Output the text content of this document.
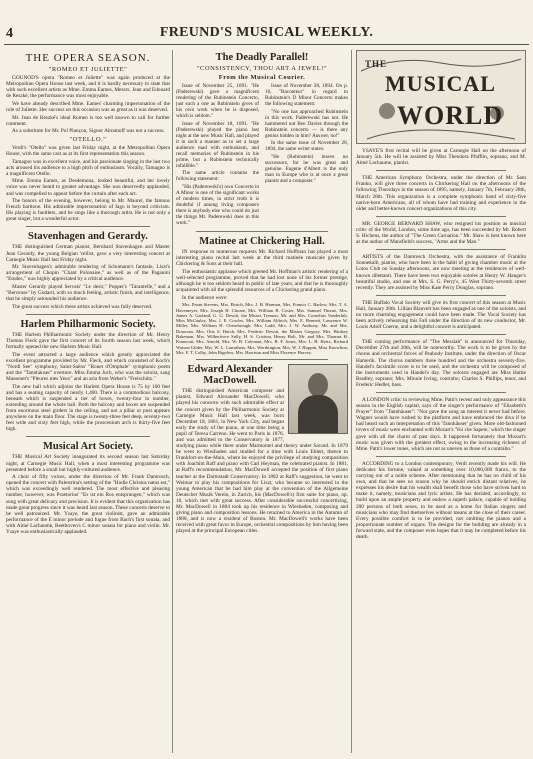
4	FREUND'S MUSICAL WEEKLY.
THE OPERA SEASON.
"ROMEO ET JULIETTE"

GOUNOD'S opera "Romeo et Juliette" was again produced at the Metropolitan Opera House last week, and it is hardly necessary to state that with such excellent artists as Mme. Emma Eames, Messrs. Jean and Edouard de Reszké, the performance was most enjoyable.

We have already described Mme. Eames' charming impersonation of the role of Juliette. Her success on this occasion was as great as it was deserved.

Mr. Jean de Reszké's ideal Romeo is too well known to call for further comment.

As a substitute for Mr. Pol Plançon, Signor Abramoff was not a success.

"OTELLO."

Verdi's "Otello" was given last Friday night, at the Metropolitan Opera House, with the same cast as at its first representation this season.

Tamagno was in excellent voice, and his passionate singing in the last two acts aroused his audience to a high pitch of enthusiasm. Vocally, Tamagno is a magnificent Otello.

Mme. Emma Eames, as Desdemona, looked beautiful, and her lovely voice was never heard to greater advantage. She was deservedly applauded, and was compelled to appear before the curtain after each act.

The honors of the evening, however, belong to Mr. Maurel, the famous French baritone. His admirable impersonation of Iago is beyond criticism. His playing is faultless, and he sings like a thorough artist. He is not only a great singer, but a wonderful actor.

Stavenhagen and Gerardy.

THE distinguished German pianist, Bernhard Stavenhagen and Master Jean Gerardy, the young Belgian 'cellist, gave a very interesting concert at Carnegie Music Hall last Friday night.

Mr. Stavenhagen's admirable rendering of Schumann's fantasie, Liszt's arrangement of Chopin "Chant Polonaise," as well as of the Paganini "Etudes," was highly appreciated by a critical audience.

Master Gerardy played Servais' "Le desir," Popper's "Tarantelle," and a "Berceuse" by Godard, with so much feeling, artistic finish, and intelligence, that he simply astounded his audience.

The great success which these artists achieved was fully deserved.

Harlem Philharmonic Society.

THE Harlem Philharmonic Society under the direction of Mr. Henry Thomas Fleck gave the first concert of its fourth season last week, which formally opened the new Harlem Music Hall.

The event attracted a large audience which greatly appreciated the excellent programme provided by Mr. Fleck, and which consisted of Koch's "Nordi See" symphony, Saint-Saëns' "Rouet d'Omphale" symphonic poem and the "Tannhäuser" overture. Miss Emma Juch, who was the soloist, sang Massenet's "Pleurez mes Yeux" and an aria from Weber's "Freischütz."

The new hall which adjoins the Harlem Opera House is 75 by 100 feet and has a seating capacity of nearly 1,400. There is a commodious balcony, beneath which is suspended a tier of boxes, twenty-four in number, extending around the whole hall. Both the balcony and boxes are suspended from enormous steel girders in the ceiling, and not a pillar or post appears anywhere on the main floor. The stage is twenty-three feet deep, seventy-two feet wide and sixty feet high, while the proscenium arch is thirty-five feet high.

Musical Art Society.

THE Musical Art Society inaugurated its second season last Saturday night, at Carnegie Music Hall, when a most interesting programme was presented before a small but highly-cultured audience.

A choir of fifty voices, under the direction of Mr. Frank Damrosch, opened the concert with Palestrina's setting of the "Hodie Christus natus est," which was exceedingly well rendered. The most effective and pleasing number, however, was Praetorius' "Es ist ein Ros entsprungen," which was sung with great delicacy and precision. It is evident that this organization has made great progress since it was heard last season. These concerts deserve to be well patronized. Mr. Ysaye, the great violinist, gave an admirable performance of the E minor prelude and fugue from Bach's first sonata, and with Aimé Lachaume, Beethoven's C minor sonata for piano and violin. Mr. Ysaye was enthusiastically applauded.

The Deadly Parallel!
"CONSISTENCY, THOU ART A JEWEL!"
From the Musical Courier.

Issue of November 25, 1891. "He (Paderewski) gave a magnificent rendering of the Rubinstein Concerto, just such a one as Rubinstein gives of his own work when he is disposed, which is seldom."

Issue of November 18, 1891. "He (Paderewski) played the piano last night at the new Music Hall, and played it in such a manner as to set a large audience mad with enthusiasm, and recall memories of Rubinstein in his prime, but a Rubinstein technically infallible."

The same article contains the following statement:

"His (Paderewski's) own Concerto in A Minor is one of the significant works of modern times, in strict truth it is doubtful if among living composers there is anybody else who could do just the things Mr. Paderewski does in this work."

Issue of November 28, 1894. On p. 10, "Raconteur" in regard to Rubinstein's D Minor Concerto makes the following statement:

"No one has approached Rubinstein in this work. Paderewski has not. He hammered out Ben Davies through the Rubinstein concerto — is there any genius hidden in him? Answer, no!"

In the same issue of November 28, 1894, the same writer states:

"He (Rubinstein) leaves no successors, for he was great and genuine. Eugene d'Albert is the only man in Europe who is at once a great pianist and a composer."

Matinee at Chickering Hall.

IN response to numerous requests Mr. Richard Hoffman has played a most interesting piano recital last week at the third matinée musicale given by Chickering & Sons at their hall.

The enthusiastic applause which greeted Mr. Hoffman's artistic rendering of a well-selected programme, proved that he had lost none of his former prestige, although he is too seldom heard in public of late years, and that he is thoroughly acquainted with all the splendid resources of a Chickering grand piano.

In the audience were:

Mrs. Paran Stevens, Mrs. Ehrich, Mrs. J. H. Harmon, Mrs. Francis C. Barlow, Mrs. T. A. Havemeyer, Mrs. Joseph H. Choate, Mrs. William B. Coster, Mrs. Samuel Thorne, Mrs. James A. Garland, G. G. Dewitt, the Misses Tremon, Mr. and Mrs. Cornelius Vanderbilt, Miss McCauley, Mrs. J. E. Cowles, Mrs. William Aldrich, Mrs. E. Bennett, Lawrence W. Miller, Mrs. William H. Chesebrough, Mrs. Ladd, Mrs. J. W. Anthony, Mr. and Mrs. Donovan, Mrs. Otis S. Hatch, Mrs. Frederic Dewitt, the Misses Gregory, Mrs. Birdsey Bakeman, Mrs. Wilberforce Sully, H. S. Cristion, Henry Holt, Mr. and Mrs. Thomas H. Kinnicutt, Mrs. Arnold, Mrs. W. B. Coleman, Mrs. B. F. Jones, Mrs. L. H. Hertz, Richard Watson Gilder, Mrs. W. L. Carruthers, Mrs. Worthington, Mrs. W. J. Hoppin, Miss Knowlton, Mrs. F. T. Colby, John Bigelow, Mrs. Harrison and Miss Florence Harvey.

Edward Alexander MacDowell.

THE distinguished American composer and pianist, Edward Alexander MacDowell, who played his concerto with such admirable effect at the concert given by the Philharmonic Society at Carnegie Music Hall last week, was born December 18, 1861, in New York City, and began early the study of the piano, at one time being a pupil of Teresa Carreno. He went to Paris in 1876, and was admitted to the Conservatory in 1877, studying piano while there under Marmontel and theory under Savard. In 1879 he went to Wiesbaden and studied for a time with Louis Ehlert, thence to Frankfort-on-the-Main, where he enjoyed the privilege of studying composition with Joachim Raff and piano with Carl Heyman, the celebrated pianist. In 1881, at Raff's recommendation, Mr. MacDowell accepted the position of first piano teacher at the Darmstadt Conservatory. In 1882 at Raff's suggestion, he went to Weimar to play his compositions for Liszt, who became so interested in the young American that he had him play at the convention of the Allgemeine Deutscher Musik Verein, in Zurich, his (MacDowell's) first suite for piano, op. 10, which met with great success. After considerable successful concertizing, Mr. MacDowell in 1884 took up his residence in Wiesbaden, composing and giving piano and composition lessons. He returned to America in the Autumn of 1888, and is now a resident of Boston. Mr. MacDowell's works have been received with great favor in Europe, orchestral compositions by him having been played at the principal European cities.

THE
MUSICAL
WORLD

YSAYE'S first recital will be given at Carnegie Hall on the afternoon of January 5th. He will be assisted by Miss Theodora Pfafflin, soprano, and M. Aimé Lachaume, pianist.

THE American Symphony Orchestra, under the direction of Mr. Sam Franko, will give three concerts in Chickering Hall on the afternoons of the following Thursdays in the season of 1895, namely, January 7th, February 28th, March 28th. This organization is a complete symphonic band of sixty-five native-born Americans, all of whom have had training and experience in the older and better-known concert organizations of this city.

MR. GEORGE BERNARD SHAW, who resigned his position as musical critic of the World, London, some time ago, has been succeeded by Mr. Robert S. Hichens, the author of "The Green Carnation." Mr. Shaw is best known here as the author of Mansfield's success, "Arms and the Man."

ARTISTS of the Damrosch Orchestra, with the assistance of Franklin Sonnekalb, pianist, who have been in the habit of giving chamber music at the Lotos Club on Sunday afternoons, are now meeting at the residences of well-known dilettanti. There have been two enjoyable soirées at Henry W. Hanger's beautiful studio, and one at Mrs. S. G. Perry's, 45 West Thirty-seventh street recently. They are assisted by Miss Kate Percy Douglas, soprano.

THE Buffalo Vocal Society will give its first concert of this season at Music Hall, January 28th. Lillian Blauvelt has been engaged as one of the soloists, and no more charming engagement could have been made. The Vocal Society has been actively rehearsing this Fall under the direction of its new conductor, Mr. Louis Adolf Coerne, and a delightful concert is anticipated.

THE coming performance of "The Messiah" is announced for Thursday, December 27th and 28th, will be noteworthy. The work is to be given by the chorus and orchestral forces of Peabody Institute, under the direction of Oscar Hamerik. The chorus numbers three hundred and the orchestra seventy-five. Handel's facsimile score is to be used, and the orchestra will be composed of the instruments used in Handel's day. The soloists engaged are Miss Hattie Bradley, soprano; Mrs. Minnie Irving, contralto; Charles S. Phillips, tenor, and Frederic Hedler, bass.

A LONDON critic in reviewing Mme. Patti's recent and only appearance this season in the English capital, says of the singer's performance of "Elisabeth's Prayer" from "Tannhäuser": "Nor gave the song an interest it never had before. Wagner would have rushed to the platform and have embraced the diva if he had heard such an interpretation of this 'Tannhäuser' given. More old-fashioned lovers of music were enchanted with Mozart's 'Voi che Sapete,' which the singer gave with all the charm of past days. It happened fortunately that Mozart's music was given with the greatest effect, owing to the increasing richness of Mme. Patti's lower tones, which are not as uneven as those of a contralto."

ACCORDING to a London contemporary, Verdi recently made his will. He dedicates his fortune, valued at something over 10,000,000 francs, to the carrying out of a noble scheme. After mentioning that he has no child of his own, and that he sees no reason why he should enrich distant relatives, he expresses his desire that his wealth shall benefit those who have striven hard to make it, namely, musicians and lyric artists. He has decided, accordingly, to build upon an ample property and endow a superb palace, capable of holding 200 persons of both sexes, to be used as a home for Italian singers and musicians who may find themselves without means at the close of their career. Every possible comfort is to be provided, not omitting the pianos and a proportionate number of organs. The designs for the building are already in a forward state, and the composer even hopes that it may be completed before his death.
